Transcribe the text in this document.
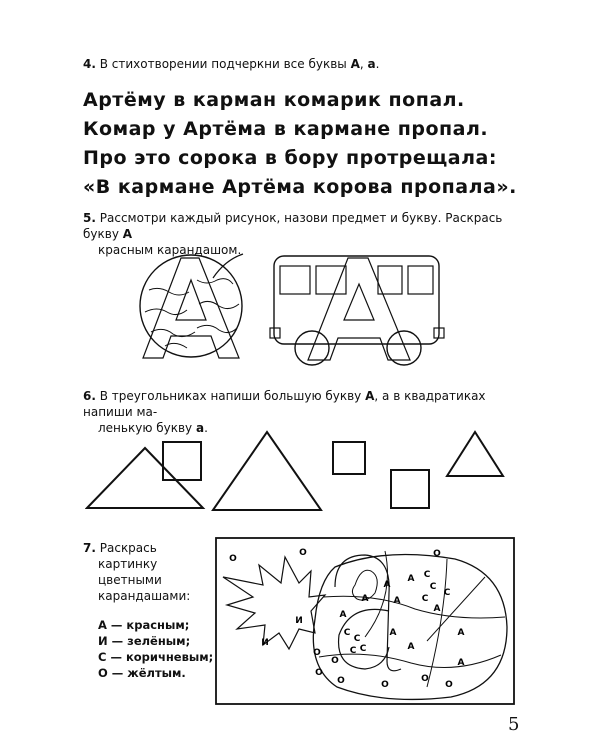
4. В стихотворении подчеркни все буквы А, а.
Артёму в карман комарик попал.
Комар у Артёма в кармане пропал.
Про это сорока в бору протрещала:
«В кармане Артёма корова пропала».
5. Рассмотри каждый рисунок, назови предмет и букву. Раскрась букву А
красным карандашом.
6. В треугольниках напиши большую букву А, а в квадратиках напиши ма-
ленькую букву а.
7. Раскрась
картинку
цветными
карандашами:
А — красным;
И — зелёным;
С — коричневым;
О — жёлтым.
О
О	О
А
А
А
А
А
А
А
А
А
А
С
С
С
С
С
С
С
С
И
И
О
О
О
О	О
О
О
5
